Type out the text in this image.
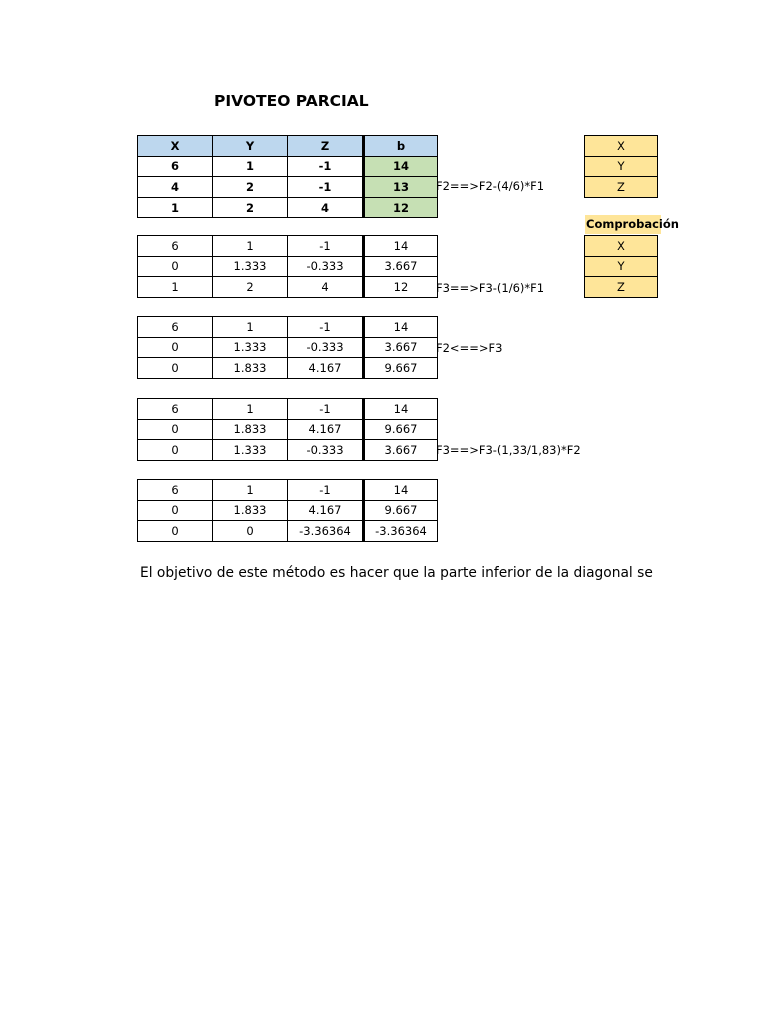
PIVOTEO PARCIAL
X	Y	Z	b
6	1	-1	14
4	2	-1	13
1	2	4	12
F2==>F2-(4/6)*F1
6	1	-1	14
0	1.333	-0.333	3.667
1	2	4	12 F3==>F3-(1/6)*F1
6	1	-1	14
0	1.333	-0.333	3.667
0	1.833	4.167	9.667
F2<==>F3
6	1	-1	14
0	1.833	4.167	9.667
0	1.333	-0.333	3.667 F3==>F3-(1,33/1,83)*F2
6	1	-1	14
0	1.833	4.167	9.667
0	0	-3.36364	-3.36364
X
Y
Z
Comprobación
X
Y
Z
El objetivo de este método es hacer que la parte inferior de la diagonal se
